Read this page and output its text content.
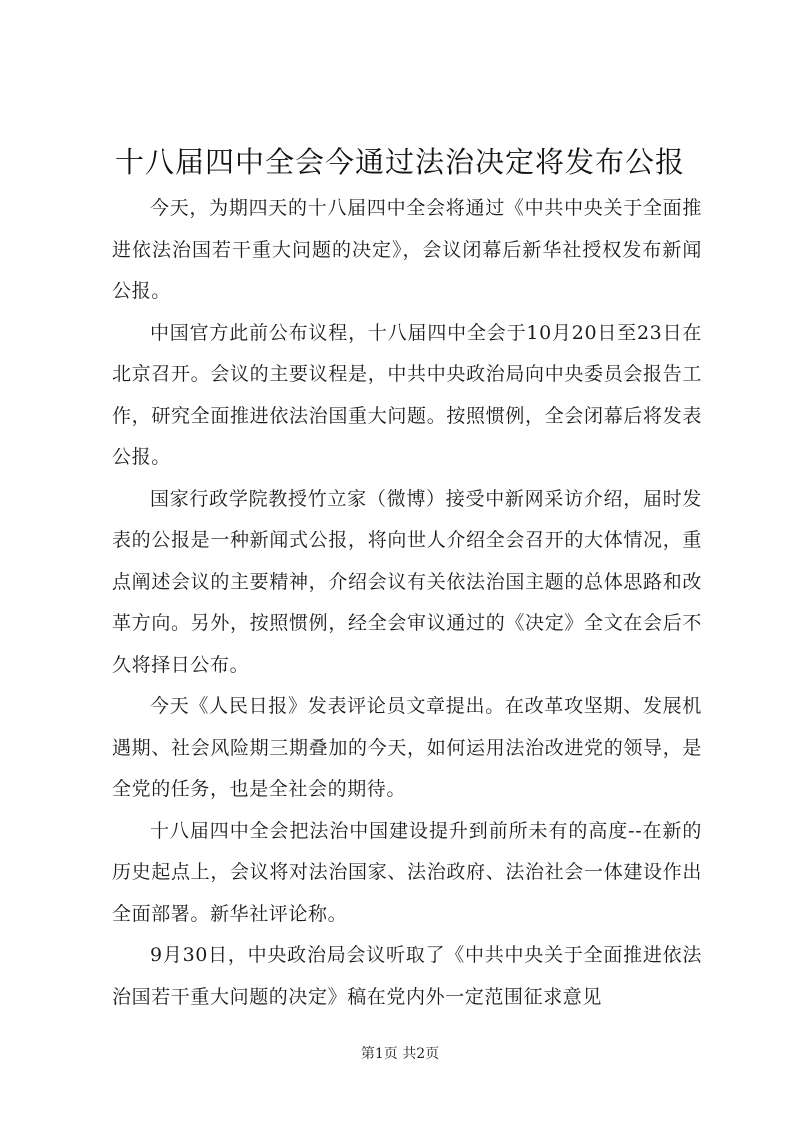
十八届四中全会今通过法治决定将发布公报

今天，为期四天的十八届四中全会将通过《中共中央关于全面推进依法治国若干重大问题的决定》，会议闭幕后新华社授权发布新闻公报。

中国官方此前公布议程，十八届四中全会于10月20日至23日在北京召开。会议的主要议程是，中共中央政治局向中央委员会报告工作，研究全面推进依法治国重大问题。按照惯例，全会闭幕后将发表公报。

国家行政学院教授竹立家（微博）接受中新网采访介绍，届时发表的公报是一种新闻式公报，将向世人介绍全会召开的大体情况，重点阐述会议的主要精神，介绍会议有关依法治国主题的总体思路和改革方向。另外，按照惯例，经全会审议通过的《决定》全文在会后不久将择日公布。

今天《人民日报》发表评论员文章提出。在改革攻坚期、发展机遇期、社会风险期三期叠加的今天，如何运用法治改进党的领导，是全党的任务，也是全社会的期待。

十八届四中全会把法治中国建设提升到前所未有的高度--在新的历史起点上，会议将对法治国家、法治政府、法治社会一体建设作出全面部署。新华社评论称。

9月30日，中央政治局会议听取了《中共中央关于全面推进依法治国若干重大问题的决定》稿在党内外一定范围征求意见

第1页 共2页
